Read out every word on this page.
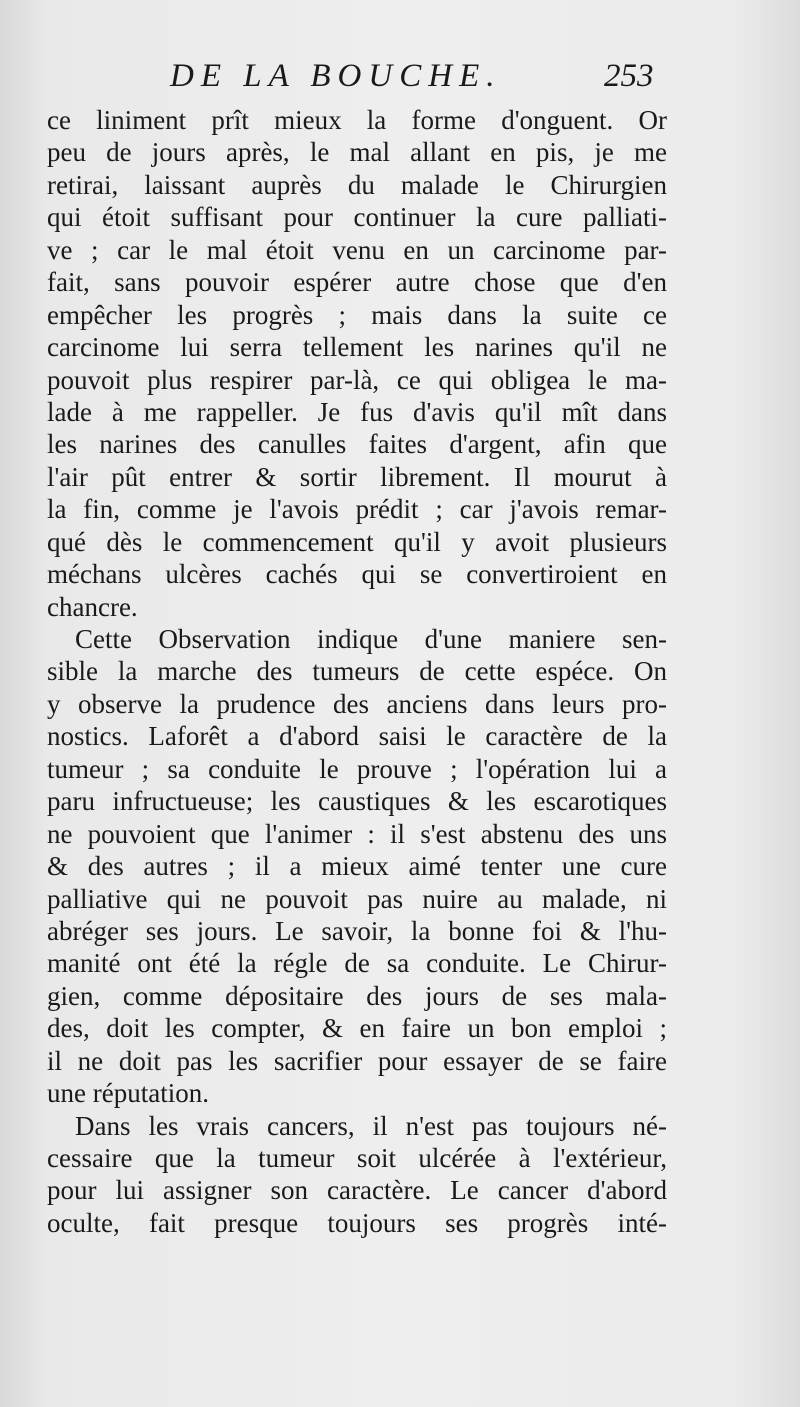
DE LA BOUCHE.	253
ce liniment prît mieux la forme d'onguent. Or
peu de jours après, le mal allant en pis, je me
retirai, laissant auprès du malade le Chirurgien
qui étoit suffisant pour continuer la cure palliati-
ve ; car le mal étoit venu en un carcinome par-
fait, sans pouvoir espérer autre chose que d'en
empêcher les progrès ; mais dans la suite ce
carcinome lui serra tellement les narines qu'il ne
pouvoit plus respirer par-là, ce qui obligea le ma-
lade à me rappeller. Je fus d'avis qu'il mît dans
les narines des canulles faites d'argent, afin que
l'air pût entrer & sortir librement. Il mourut à
la fin, comme je l'avois prédit ; car j'avois remar-
qué dès le commencement qu'il y avoit plusieurs
méchans ulcères cachés qui se convertiroient en
chancre.
Cette Observation indique d'une maniere sen-
sible la marche des tumeurs de cette espéce. On
y observe la prudence des anciens dans leurs pro-
nostics. Laforêt a d'abord saisi le caractère de la
tumeur ; sa conduite le prouve ; l'opération lui a
paru infructueuse; les caustiques & les escarotiques
ne pouvoient que l'animer : il s'est abstenu des uns
& des autres ; il a mieux aimé tenter une cure
palliative qui ne pouvoit pas nuire au malade, ni
abréger ses jours. Le savoir, la bonne foi & l'hu-
manité ont été la régle de sa conduite. Le Chirur-
gien, comme dépositaire des jours de ses mala-
des, doit les compter, & en faire un bon emploi ;
il ne doit pas les sacrifier pour essayer de se faire
une réputation.
Dans les vrais cancers, il n'est pas toujours né-
cessaire que la tumeur soit ulcérée à l'extérieur,
pour lui assigner son caractère. Le cancer d'abord
oculte, fait presque toujours ses progrès inté-
